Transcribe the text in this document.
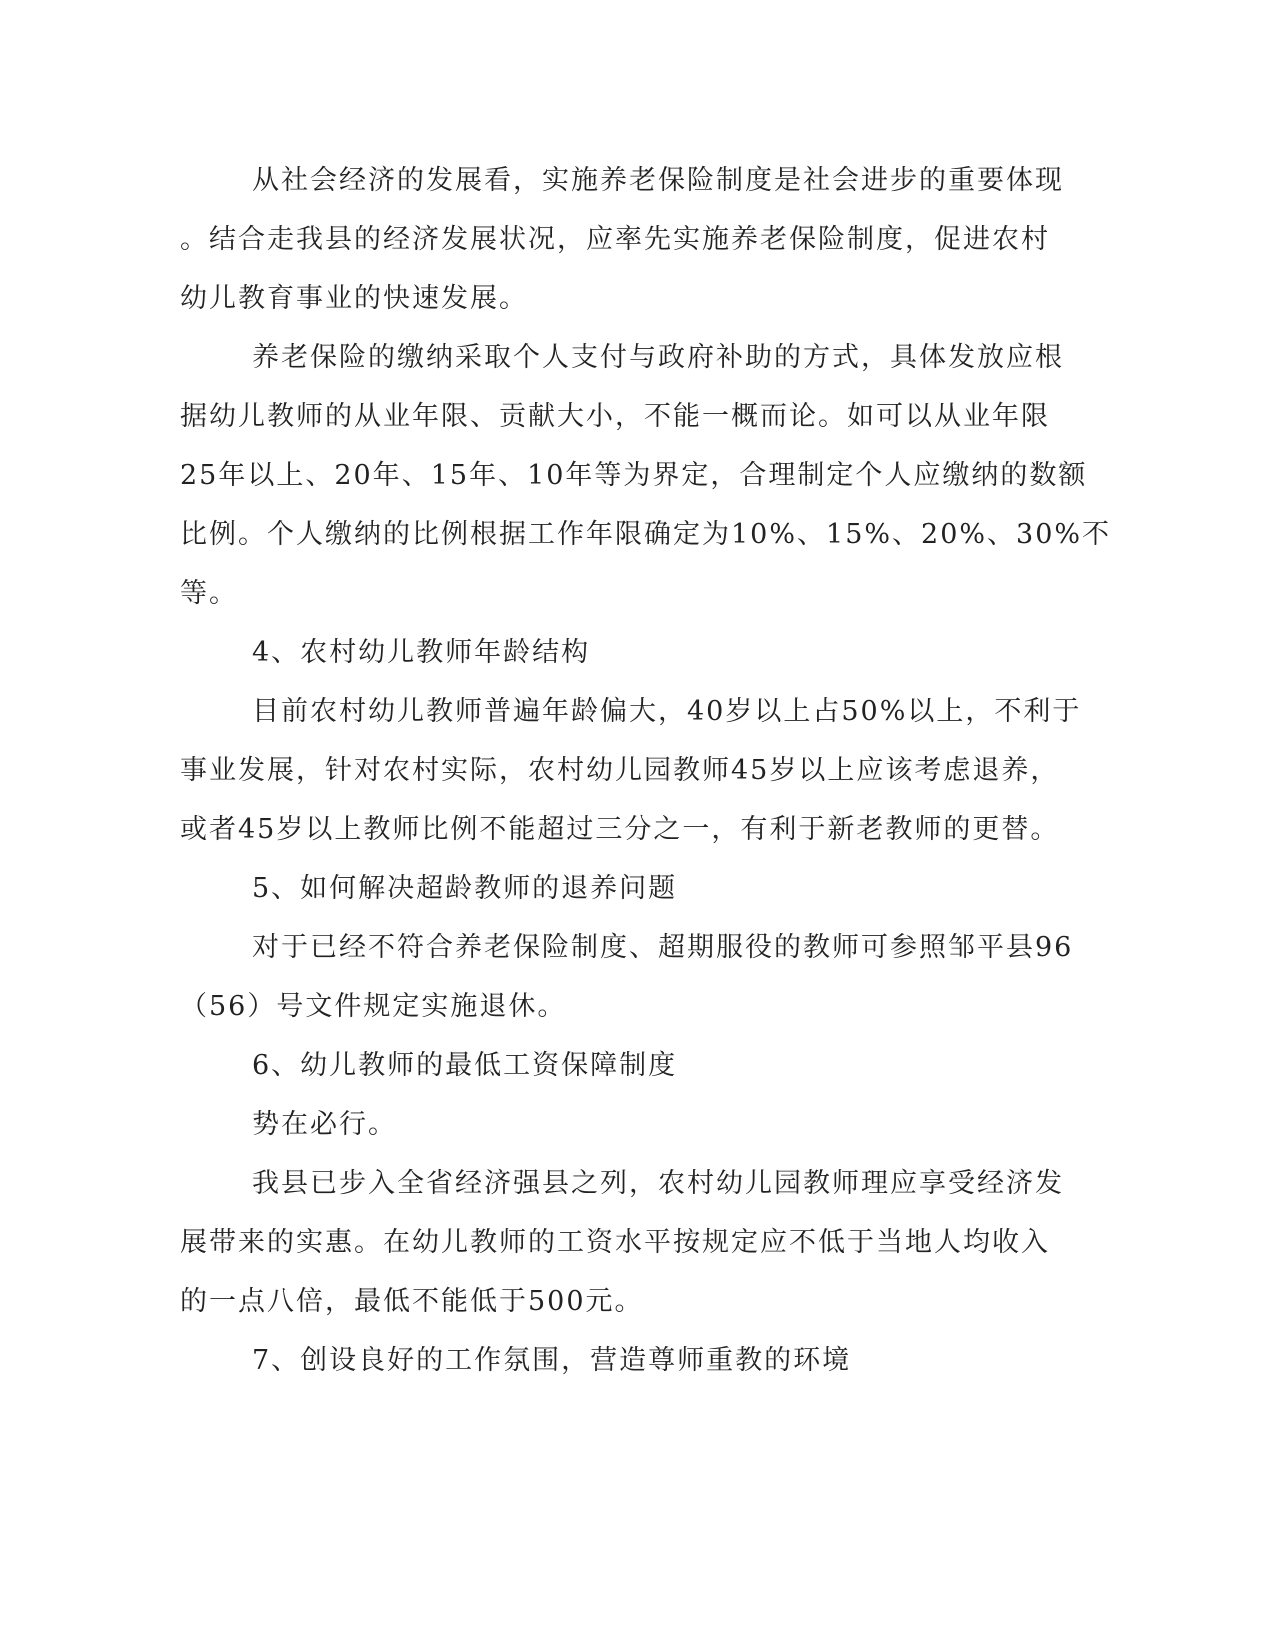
从社会经济的发展看，实施养老保险制度是社会进步的重要体现
。结合走我县的经济发展状况，应率先实施养老保险制度，促进农村
幼儿教育事业的快速发展。
养老保险的缴纳采取个人支付与政府补助的方式，具体发放应根
据幼儿教师的从业年限、贡献大小，不能一概而论。如可以从业年限
25年以上、20年、15年、10年等为界定，合理制定个人应缴纳的数额
比例。个人缴纳的比例根据工作年限确定为10%、15%、20%、30%不
等。
4、农村幼儿教师年龄结构
目前农村幼儿教师普遍年龄偏大，40岁以上占50%以上，不利于
事业发展，针对农村实际，农村幼儿园教师45岁以上应该考虑退养，
或者45岁以上教师比例不能超过三分之一，有利于新老教师的更替。
5、如何解决超龄教师的退养问题
对于已经不符合养老保险制度、超期服役的教师可参照邹平县96
（56）号文件规定实施退休。
6、幼儿教师的最低工资保障制度
势在必行。
我县已步入全省经济强县之列，农村幼儿园教师理应享受经济发
展带来的实惠。在幼儿教师的工资水平按规定应不低于当地人均收入
的一点八倍，最低不能低于500元。
7、创设良好的工作氛围，营造尊师重教的环境
